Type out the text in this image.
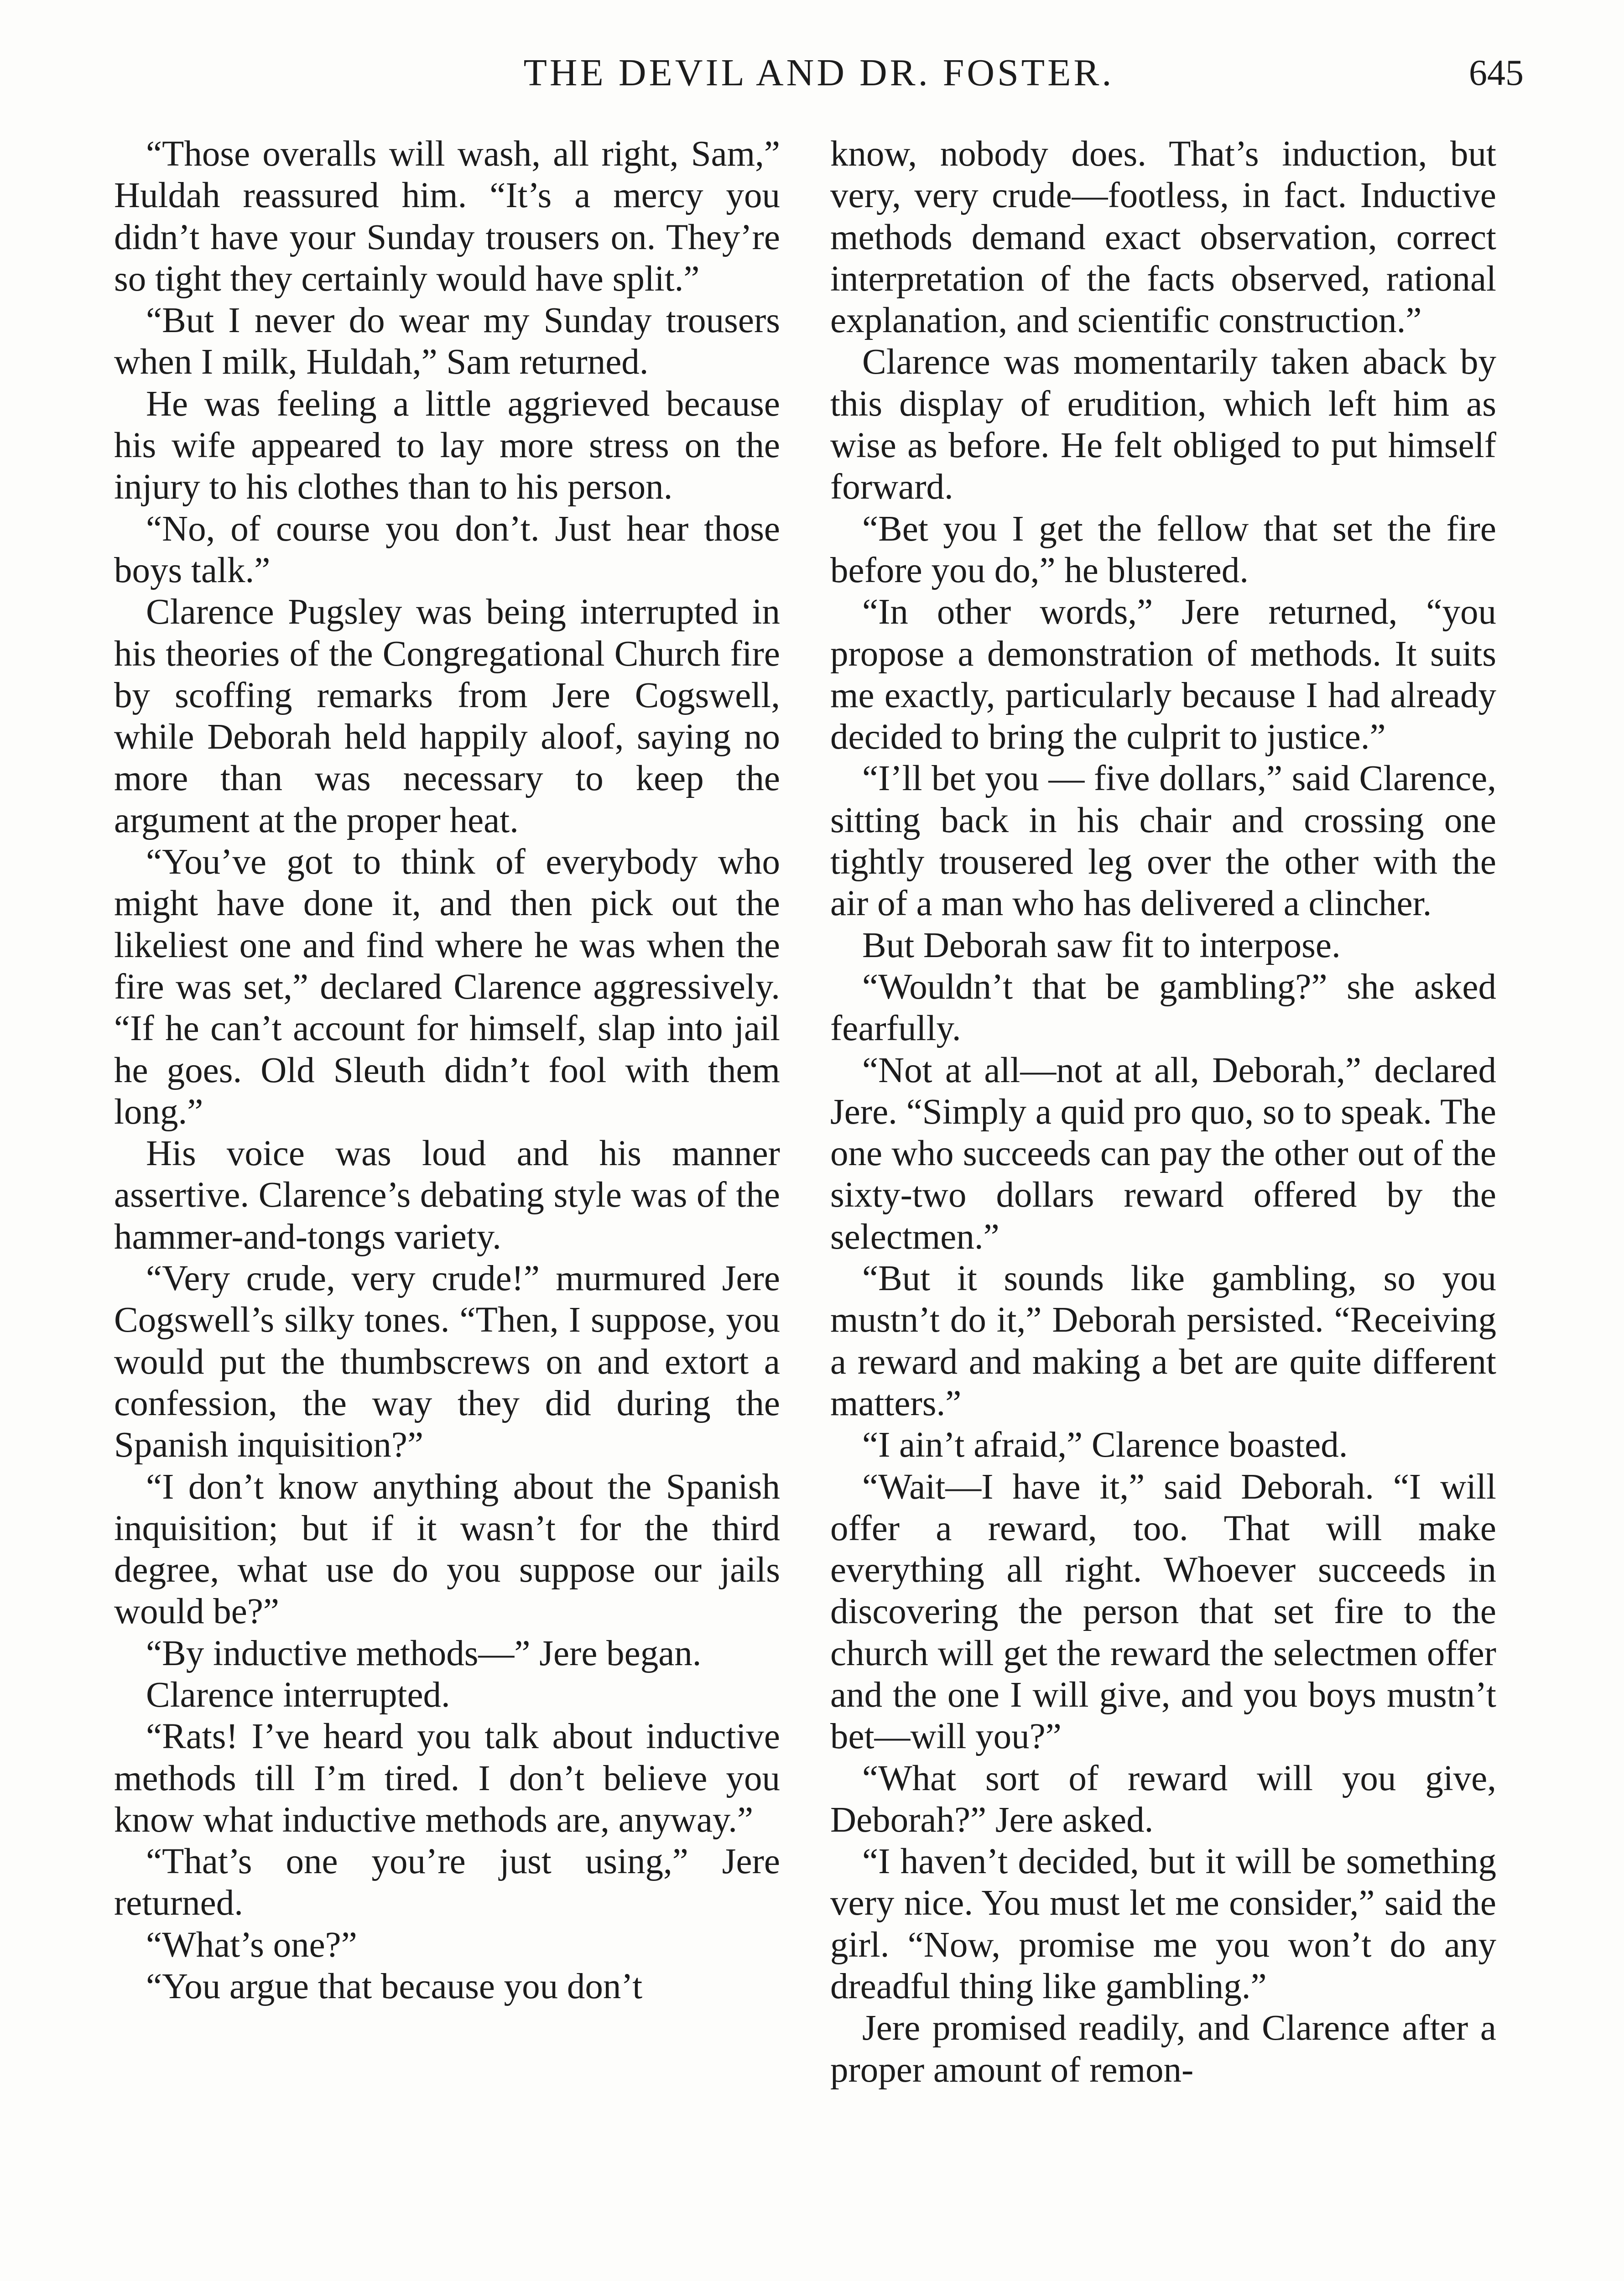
THE DEVIL AND DR. FOSTER.	645

“Those overalls will wash, all right, Sam,” Huldah reassured him. “It’s a mercy you didn’t have your Sunday trousers on. They’re so tight they certainly would have split.”

“But I never do wear my Sunday trousers when I milk, Huldah,” Sam returned.

He was feeling a little aggrieved because his wife appeared to lay more stress on the injury to his clothes than to his person.

“No, of course you don’t. Just hear those boys talk.”

Clarence Pugsley was being interrupted in his theories of the Congregational Church fire by scoffing remarks from Jere Cogswell, while Deborah held happily aloof, saying no more than was necessary to keep the argument at the proper heat.

“You’ve got to think of everybody who might have done it, and then pick out the likeliest one and find where he was when the fire was set,” declared Clarence aggressively. “If he can’t account for himself, slap into jail he goes. Old Sleuth didn’t fool with them long.”

His voice was loud and his manner assertive. Clarence’s debating style was of the hammer-and-tongs variety.

“Very crude, very crude!” murmured Jere Cogswell’s silky tones. “Then, I suppose, you would put the thumbscrews on and extort a confession, the way they did during the Spanish inquisition?”

“I don’t know anything about the Spanish inquisition; but if it wasn’t for the third degree, what use do you suppose our jails would be?”

“By inductive methods—” Jere began.

Clarence interrupted.

“Rats! I’ve heard you talk about inductive methods till I’m tired. I don’t believe you know what inductive methods are, anyway.”

“That’s one you’re just using,” Jere returned.

“What’s one?”

“You argue that because you don’t

know, nobody does. That’s induction, but very, very crude—footless, in fact. Inductive methods demand exact observation, correct interpretation of the facts observed, rational explanation, and scientific construction.”

Clarence was momentarily taken aback by this display of erudition, which left him as wise as before. He felt obliged to put himself forward.

“Bet you I get the fellow that set the fire before you do,” he blustered.

“In other words,” Jere returned, “you propose a demonstration of methods. It suits me exactly, particularly because I had already decided to bring the culprit to justice.”

“I’ll bet you — five dollars,” said Clarence, sitting back in his chair and crossing one tightly trousered leg over the other with the air of a man who has delivered a clincher.

But Deborah saw fit to interpose.

“Wouldn’t that be gambling?” she asked fearfully.

“Not at all—not at all, Deborah,” declared Jere. “Simply a quid pro quo, so to speak. The one who succeeds can pay the other out of the sixty-two dollars reward offered by the selectmen.”

“But it sounds like gambling, so you mustn’t do it,” Deborah persisted. “Receiving a reward and making a bet are quite different matters.”

“I ain’t afraid,” Clarence boasted.

“Wait—I have it,” said Deborah. “I will offer a reward, too. That will make everything all right. Whoever succeeds in discovering the person that set fire to the church will get the reward the selectmen offer and the one I will give, and you boys mustn’t bet—will you?”

“What sort of reward will you give, Deborah?” Jere asked.

“I haven’t decided, but it will be something very nice. You must let me consider,” said the girl. “Now, promise me you won’t do any dreadful thing like gambling.”

Jere promised readily, and Clarence after a proper amount of remon-
